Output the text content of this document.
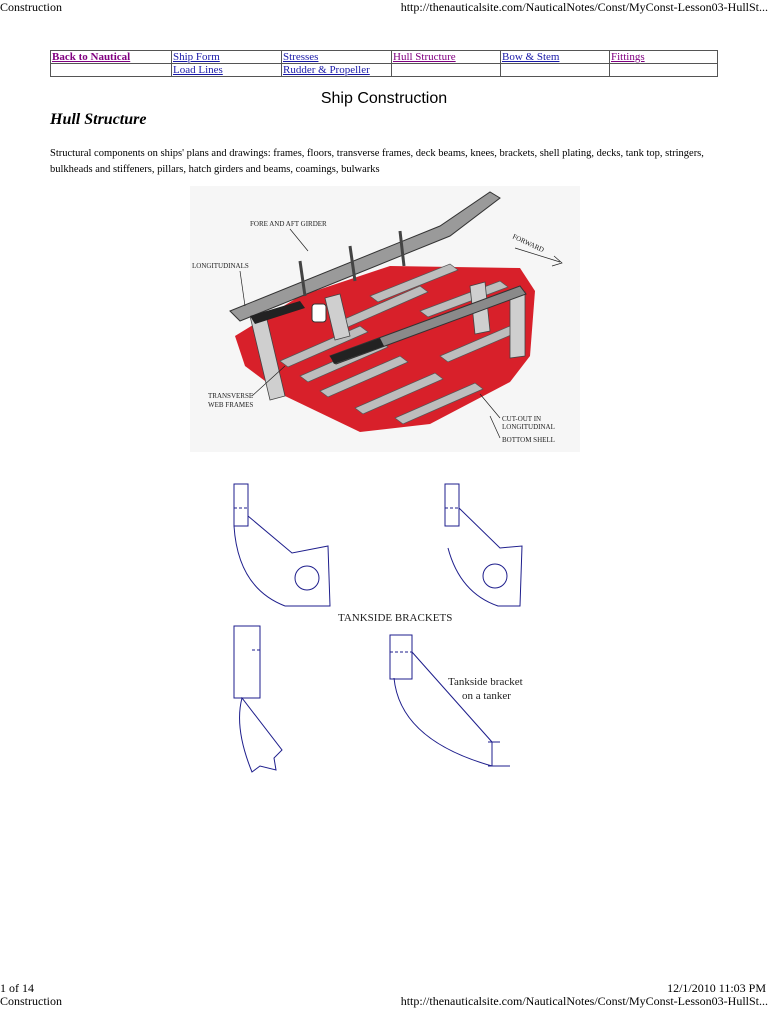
Construction	http://thenauticalsite.com/NauticalNotes/Const/MyConst-Lesson03-HullSt...
Back to Nautical	Ship Form	Stresses	Hull Structure	Bow & Stem	Fittings
	Load Lines	Rudder & Propeller			
Ship Construction
Hull Structure
Structural components on ships' plans and drawings: frames, floors, transverse frames, deck beams, knees, brackets, shell plating, decks, tank top, stringers, bulkheads and stiffeners, pillars, hatch girders and beams, coamings, bulwarks
FORE AND AFT GIRDER
LONGITUDINALS
TRANSVERSE
WEB FRAMES
CUT-OUT IN
LONGITUDINAL
BOTTOM SHELL
FORWARD
TANKSIDE BRACKETS
Tankside bracket
on a tanker
1 of 14	12/1/2010 11:03 PM
Construction	http://thenauticalsite.com/NauticalNotes/Const/MyConst-Lesson03-HullSt...
